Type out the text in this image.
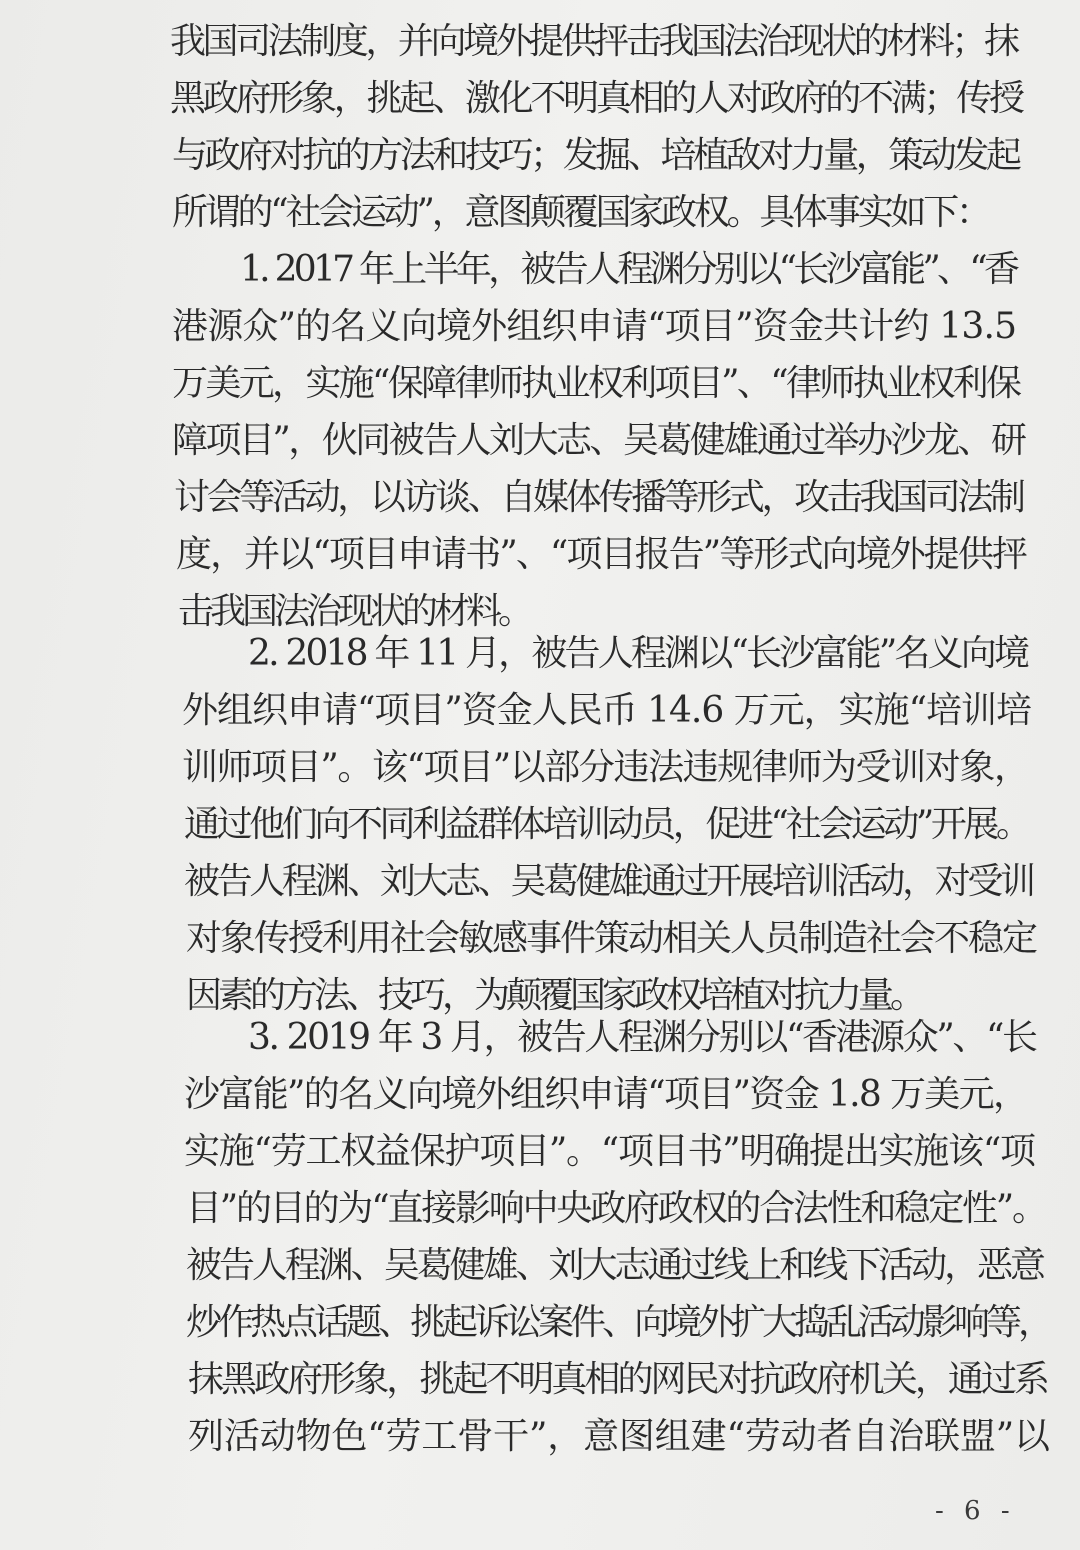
我国司法制度，并向境外提供抨击我国法治现状的材料；抹
黑政府形象，挑起、激化不明真相的人对政府的不满；传授
与政府对抗的方法和技巧；发掘、培植敌对力量，策动发起
所谓的“社会运动”，意图颠覆国家政权。具体事实如下：
1. 2017 年上半年，被告人程渊分别以“长沙富能”、“香
港源众”的名义向境外组织申请“项目”资金共计约 13.5
万美元，实施“保障律师执业权利项目”、“律师执业权利保
障项目”，伙同被告人刘大志、吴葛健雄通过举办沙龙、研
讨会等活动，以访谈、自媒体传播等形式，攻击我国司法制
度，并以“项目申请书”、“项目报告”等形式向境外提供抨
击我国法治现状的材料。
2. 2018 年 11 月，被告人程渊以“长沙富能”名义向境
外组织申请“项目”资金人民币 14.6 万元，实施“培训培
训师项目”。该“项目”以部分违法违规律师为受训对象，
通过他们向不同利益群体培训动员，促进“社会运动”开展。
被告人程渊、刘大志、吴葛健雄通过开展培训活动，对受训
对象传授利用社会敏感事件策动相关人员制造社会不稳定
因素的方法、技巧，为颠覆国家政权培植对抗力量。
3. 2019 年 3 月，被告人程渊分别以“香港源众”、“长
沙富能”的名义向境外组织申请“项目”资金 1.8 万美元，
实施“劳工权益保护项目”。“项目书”明确提出实施该“项
目”的目的为“直接影响中央政府政权的合法性和稳定性”。
被告人程渊、吴葛健雄、刘大志通过线上和线下活动，恶意
炒作热点话题、挑起诉讼案件、向境外扩大捣乱活动影响等，
抹黑政府形象，挑起不明真相的网民对抗政府机关，通过系
列活动物色“劳工骨干”，意图组建“劳动者自治联盟”以
- 6 -
